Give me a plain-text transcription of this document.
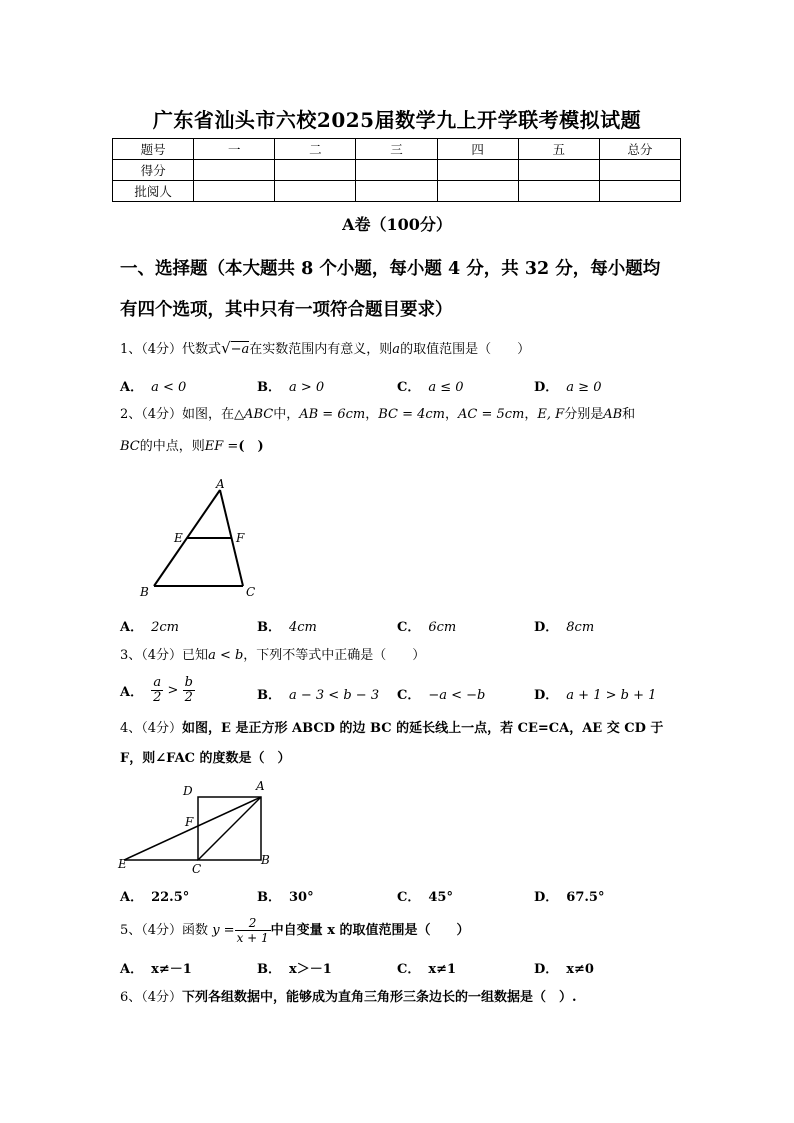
广东省汕头市六校2025届数学九上开学联考模拟试题
题号	一	二	三	四	五	总分
得分						
批阅人						
A卷（100分）
一、选择题（本大题共 8 个小题，每小题 4 分，共 32 分，每小题均
有四个选项，其中只有一项符合题目要求）
1、（4分）代数式√−a在实数范围内有意义，则a的取值范围是（　　）
A． a < 0	B． a > 0	C． a ≤ 0	D． a ≥ 0
2、（4分）如图，在△ABC中，AB = 6cm，BC = 4cm，AC = 5cm，E, F分别是AB和
BC的中点，则EF =(　)
A
E	F
B	C
A． 2cm	B． 4cm	C． 6cm	D． 8cm
3、（4分）已知a < b，下列不等式中正确是（　　）
A． $\frac{a}{2} > \frac{b}{2}$	B． a − 3 < b − 3 C． −a < −b	D． a + 1 > b + 1
4、（4分）如图，E 是正方形 ABCD 的边 BC 的延长线上一点，若 CE=CA，AE 交 CD 于
F，则∠FAC 的度数是（　）
D	A
F
E	C
B
A． 22.5°	B． 30°	C． 45°	D． 67.5°
5、（4分）函数 $y = \frac{2}{x + 1}$ 中自变量 x 的取值范围是（　　）
A． x≠－1	B． x＞－1	C． x≠1	D． x≠0
6、（4分）下列各组数据中，能够成为直角三角形三条边长的一组数据是（　）.
